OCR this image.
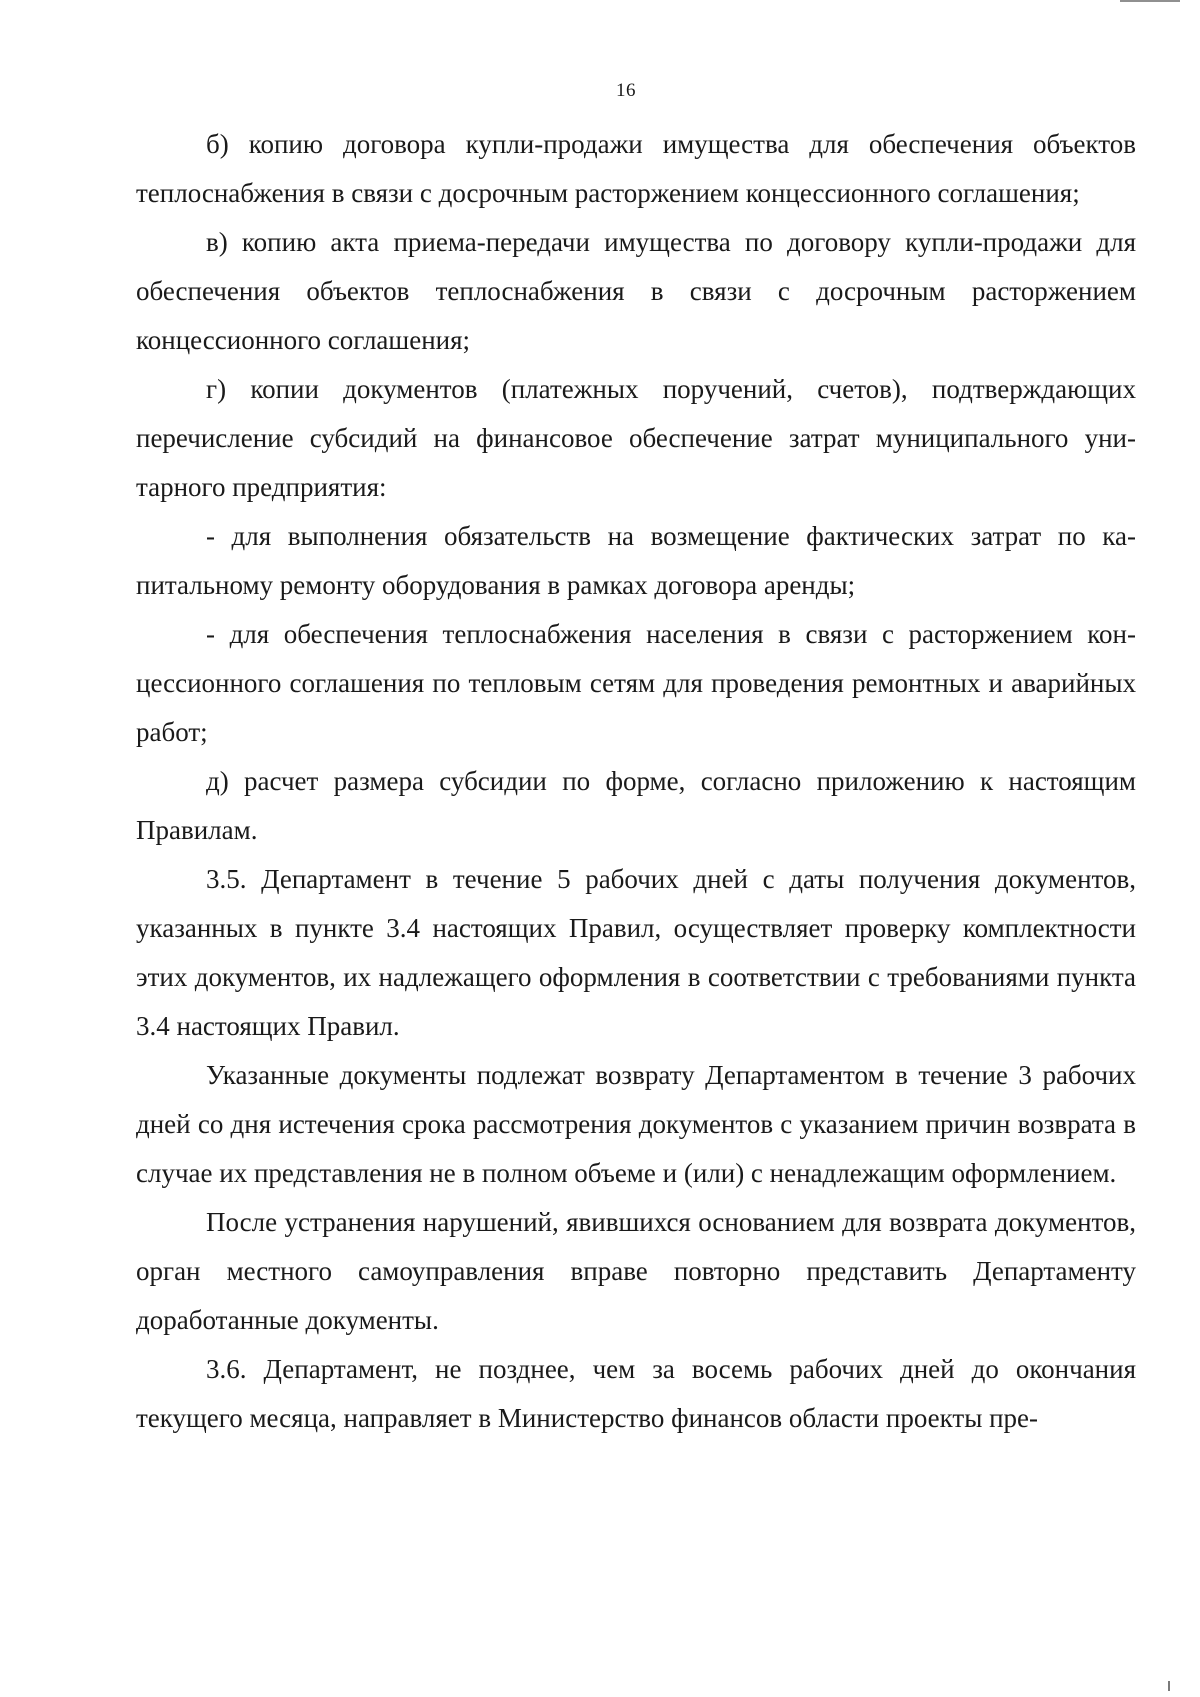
16

б) копию договора купли-продажи имущества для обеспечения объектов теплоснабжения в связи с досрочным расторжением концессионного соглашения;

в) копию акта приема-передачи имущества по договору купли-продажи для обеспечения объектов теплоснабжения в связи с досрочным расторжением концессионного соглашения;

г) копии документов (платежных поручений, счетов), подтверждающих перечисление субсидий на финансовое обеспечение затрат муниципального унитарного предприятия:

- для выполнения обязательств на возмещение фактических затрат по капитальному ремонту оборудования в рамках договора аренды;

- для обеспечения теплоснабжения населения в связи с расторжением концессионного соглашения по тепловым сетям для проведения ремонтных и аварийных работ;

д) расчет размера субсидии по форме, согласно приложению к настоящим Правилам.

3.5. Департамент в течение 5 рабочих дней с даты получения документов, указанных в пункте 3.4 настоящих Правил, осуществляет проверку комплектности этих документов, их надлежащего оформления в соответствии с требованиями пункта 3.4 настоящих Правил.

Указанные документы подлежат возврату Департаментом в течение 3 рабочих дней со дня истечения срока рассмотрения документов с указанием причин возврата в случае их представления не в полном объеме и (или) с ненадлежащим оформлением.

После устранения нарушений, явившихся основанием для возврата документов, орган местного самоуправления вправе повторно представить Департаменту доработанные документы.

3.6. Департамент, не позднее, чем за восемь рабочих дней до окончания текущего месяца, направляет в Министерство финансов области проекты пре-
